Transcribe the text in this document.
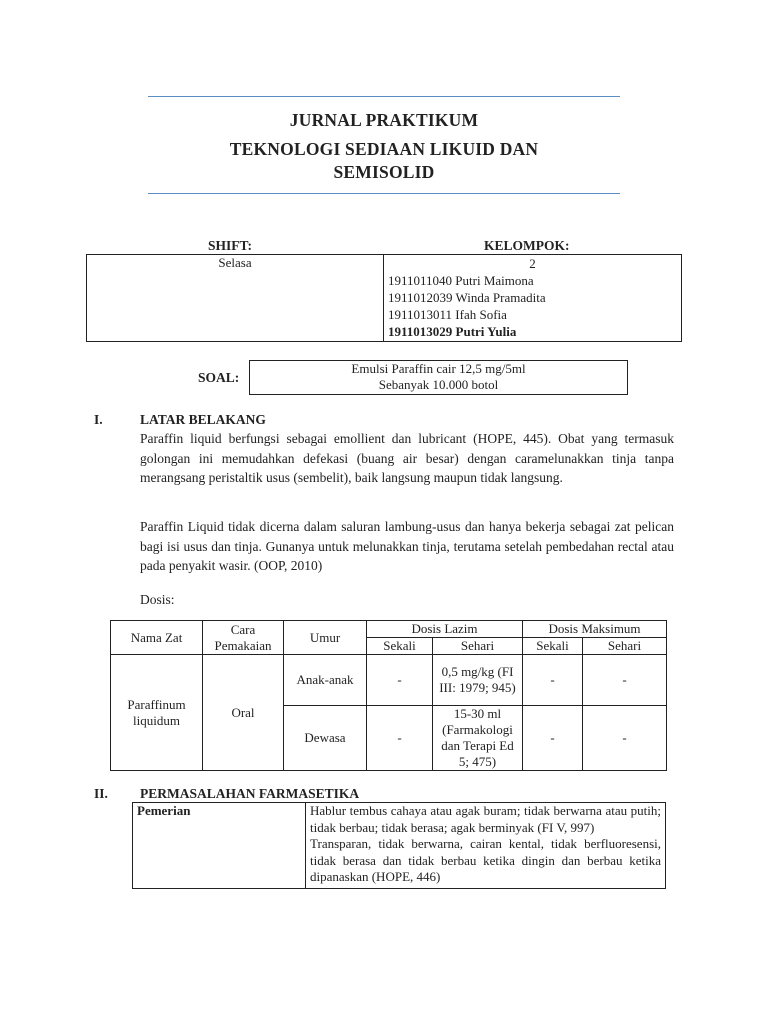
JURNAL PRAKTIKUM
TEKNOLOGI SEDIAAN LIKUID DAN
SEMISOLID
SHIFT:	KELOMPOK:
Selasa	2
1911011040 Putri Maimona
1911012039 Winda Pramadita
1911013011 Ifah Sofia
1911013029 Putri Yulia
SOAL:
Emulsi Paraffin cair 12,5 mg/5ml
Sebanyak 10.000 botol
I.	LATAR BELAKANG
Paraffin liquid berfungsi sebagai emollient dan lubricant (HOPE, 445). Obat yang termasuk golongan ini memudahkan defekasi (buang air besar) dengan caramelunakkan tinja tanpa merangsang peristaltik usus (sembelit), baik langsung maupun tidak langsung.
Paraffin Liquid tidak dicerna dalam saluran lambung-usus dan hanya bekerja sebagai zat pelican bagi isi usus dan tinja. Gunanya untuk melunakkan tinja, terutama setelah pembedahan rectal atau pada penyakit wasir. (OOP, 2010)
Dosis:
Nama Zat	Cara Pemakaian	Umur	Dosis Lazim		Dosis Maksimum	
			Sekali	Sehari	Sekali	Sehari
Paraffinum liquidum	Oral	Anak-anak	-	0,5 mg/kg (FI III: 1979; 945)	-	-
		Dewasa	-	15-30 ml (Farmakologi dan Terapi Ed 5; 475)	-	-
II. PERMASALAHAN FARMASETIKA
Pemerian	Hablur tembus cahaya atau agak buram; tidak berwarna atau putih; tidak berbau; tidak berasa; agak berminyak (FI V, 997)
Transparan, tidak berwarna, cairan kental, tidak berfluoresensi, tidak berasa dan tidak berbau ketika dingin dan berbau ketika dipanaskan (HOPE, 446)
